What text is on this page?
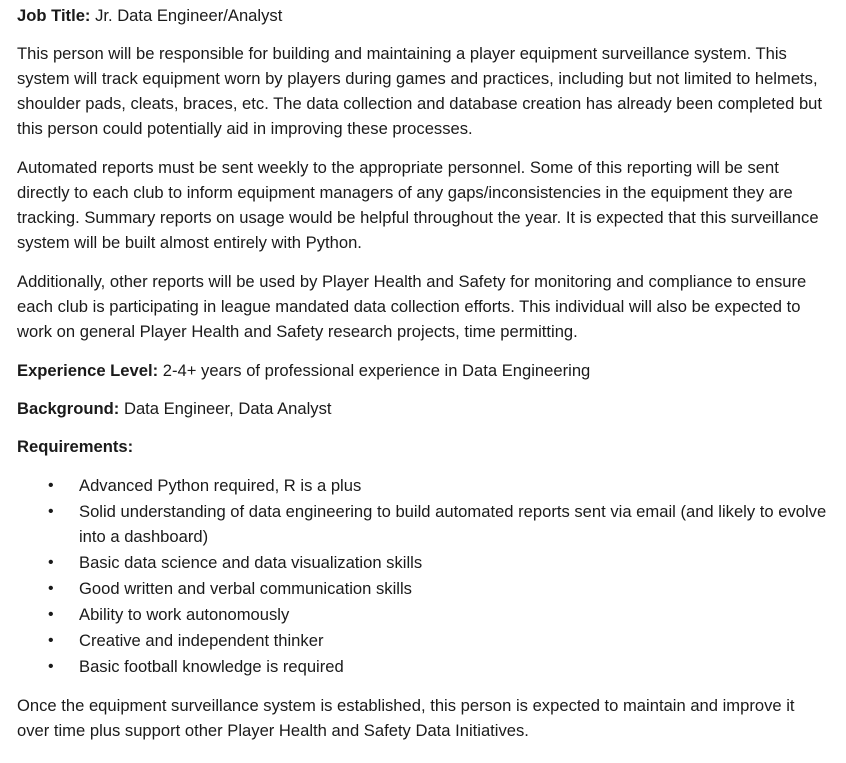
Job Title: Jr. Data Engineer/Analyst

This person will be responsible for building and maintaining a player equipment surveillance system. This system will track equipment worn by players during games and practices, including but not limited to helmets, shoulder pads, cleats, braces, etc. The data collection and database creation has already been completed but this person could potentially aid in improving these processes.

Automated reports must be sent weekly to the appropriate personnel. Some of this reporting will be sent directly to each club to inform equipment managers of any gaps/inconsistencies in the equipment they are tracking. Summary reports on usage would be helpful throughout the year. It is expected that this surveillance system will be built almost entirely with Python.

Additionally, other reports will be used by Player Health and Safety for monitoring and compliance to ensure each club is participating in league mandated data collection efforts. This individual will also be expected to work on general Player Health and Safety research projects, time permitting.

Experience Level: 2-4+ years of professional experience in Data Engineering

Background: Data Engineer, Data Analyst

Requirements:

• Advanced Python required, R is a plus
• Solid understanding of data engineering to build automated reports sent via email (and likely to evolve into a dashboard)
• Basic data science and data visualization skills
• Good written and verbal communication skills
• Ability to work autonomously
• Creative and independent thinker
• Basic football knowledge is required

Once the equipment surveillance system is established, this person is expected to maintain and improve it over time plus support other Player Health and Safety Data Initiatives.
